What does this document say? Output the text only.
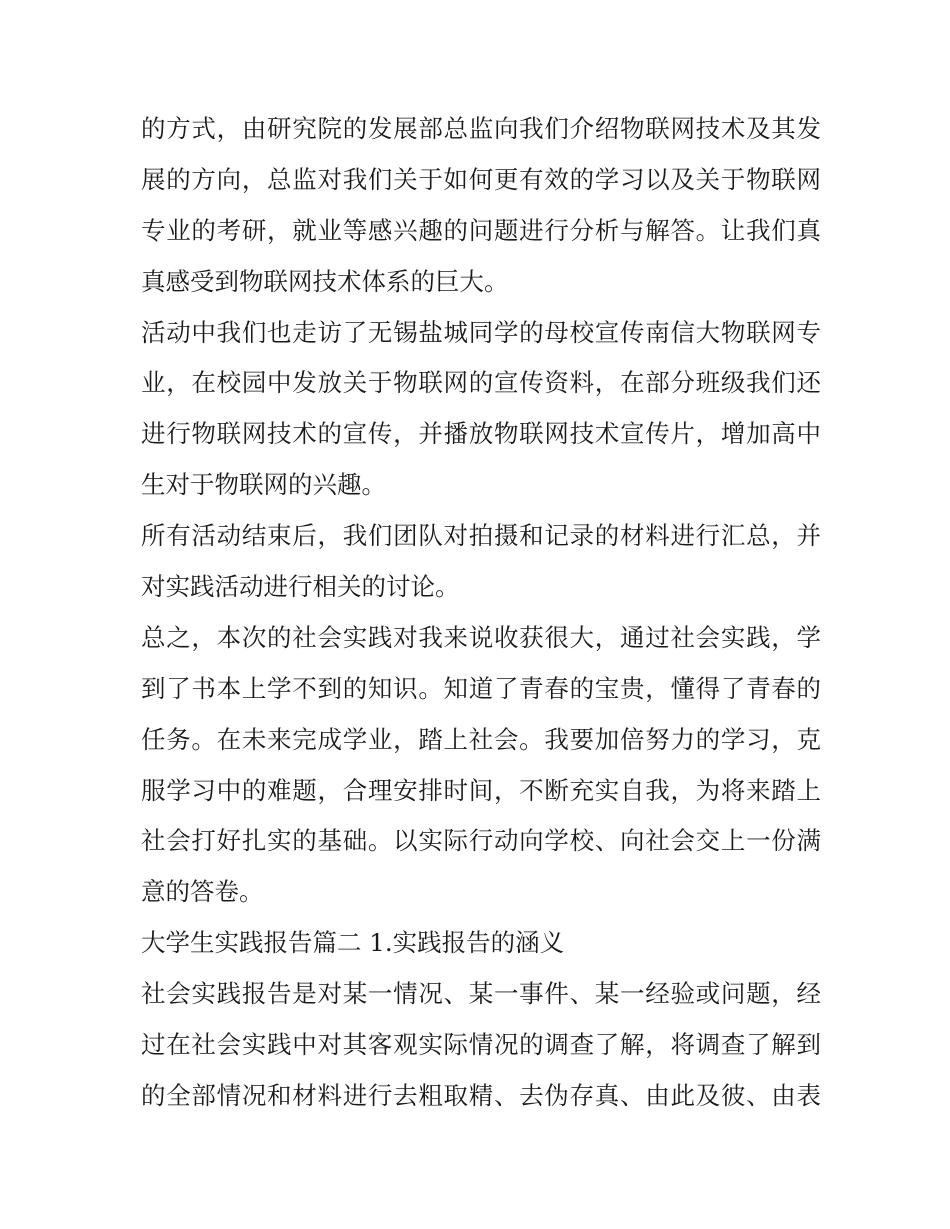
的方式，由研究院的发展部总监向我们介绍物联网技术及其发
展的方向，总监对我们关于如何更有效的学习以及关于物联网
专业的考研，就业等感兴趣的问题进行分析与解答。让我们真
真感受到物联网技术体系的巨大。
活动中我们也走访了无锡盐城同学的母校宣传南信大物联网专
业，在校园中发放关于物联网的宣传资料，在部分班级我们还
进行物联网技术的宣传，并播放物联网技术宣传片，增加高中
生对于物联网的兴趣。
所有活动结束后，我们团队对拍摄和记录的材料进行汇总，并
对实践活动进行相关的讨论。
总之，本次的社会实践对我来说收获很大，通过社会实践，学
到了书本上学不到的知识。知道了青春的宝贵，懂得了青春的
任务。在未来完成学业，踏上社会。我要加倍努力的学习，克
服学习中的难题，合理安排时间，不断充实自我，为将来踏上
社会打好扎实的基础。以实际行动向学校、向社会交上一份满
意的答卷。
大学生实践报告篇二 1.实践报告的涵义
社会实践报告是对某一情况、某一事件、某一经验或问题，经
过在社会实践中对其客观实际情况的调查了解，将调查了解到
的全部情况和材料进行去粗取精、去伪存真、由此及彼、由表
